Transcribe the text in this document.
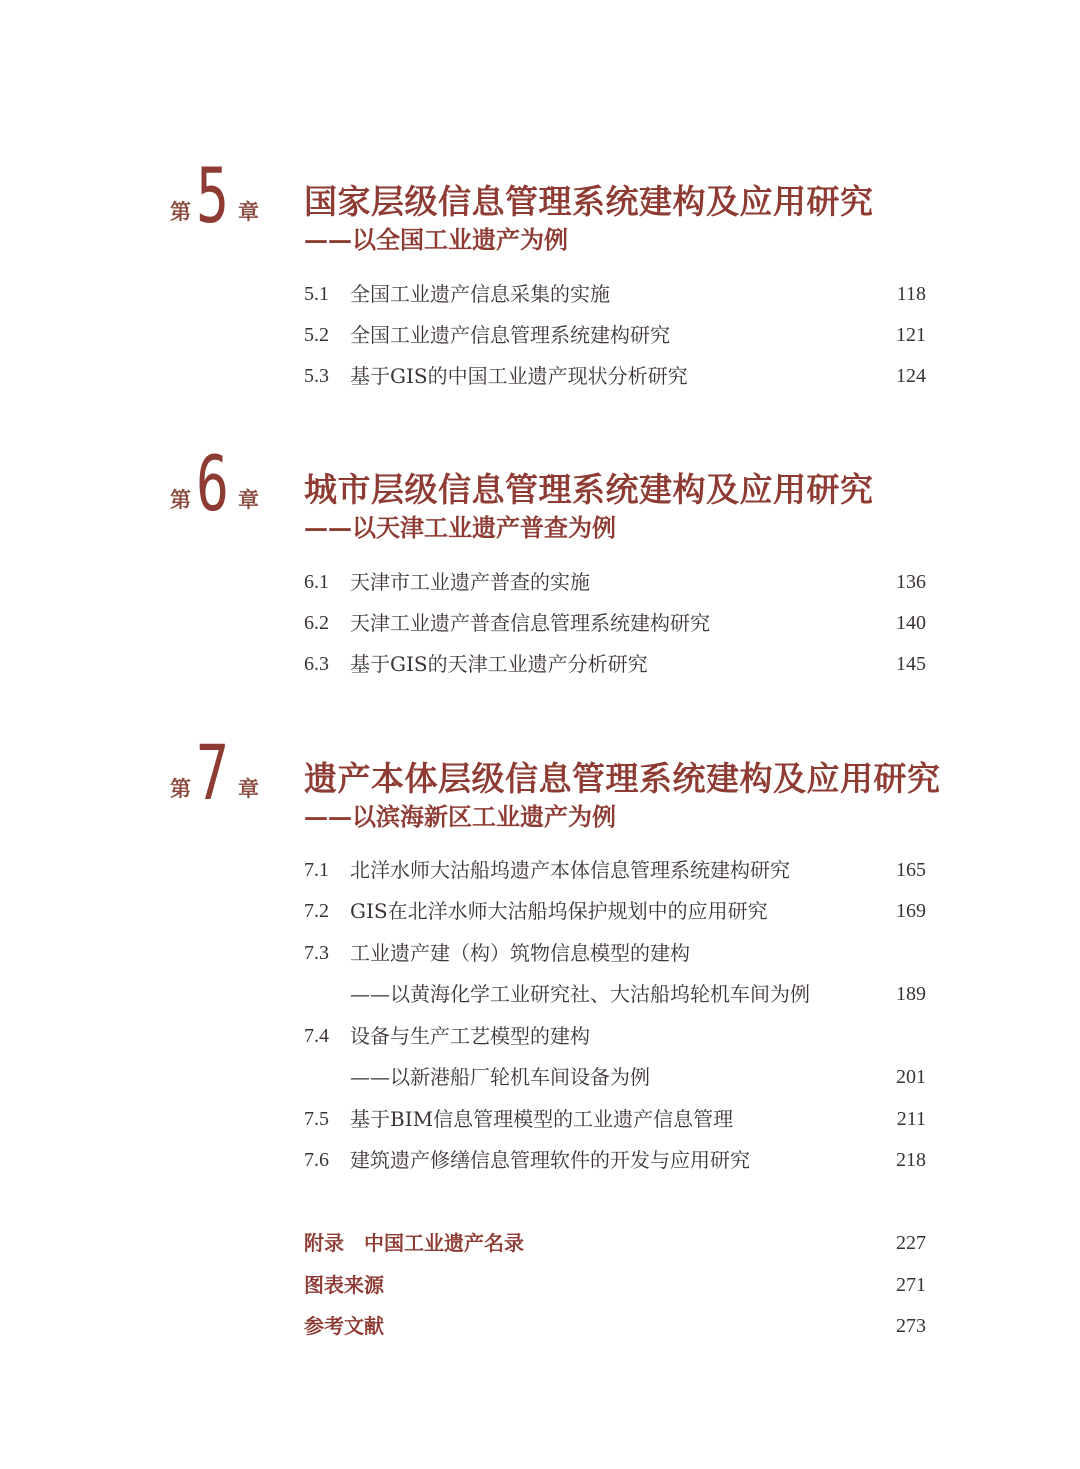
第 5 章 国家层级信息管理系统建构及应用研究
——以全国工业遗产为例
5.1 全国工业遗产信息采集的实施	118
5.2 全国工业遗产信息管理系统建构研究	121
5.3 基于GIS的中国工业遗产现状分析研究	124
第 6 章 城市层级信息管理系统建构及应用研究
——以天津工业遗产普查为例
6.1 天津市工业遗产普查的实施	136
6.2 天津工业遗产普查信息管理系统建构研究	140
6.3 基于GIS的天津工业遗产分析研究	145
第 7 章 遗产本体层级信息管理系统建构及应用研究
——以滨海新区工业遗产为例
7.1 北洋水师大沽船坞遗产本体信息管理系统建构研究	165
7.2 GIS在北洋水师大沽船坞保护规划中的应用研究	169
7.3 工业遗产建（构）筑物信息模型的建构
——以黄海化学工业研究社、大沽船坞轮机车间为例	189
7.4 设备与生产工艺模型的建构
——以新港船厂轮机车间设备为例	201
7.5 基于BIM信息管理模型的工业遗产信息管理	211
7.6 建筑遗产修缮信息管理软件的开发与应用研究	218
附录　中国工业遗产名录	227
图表来源	271
参考文献	273
